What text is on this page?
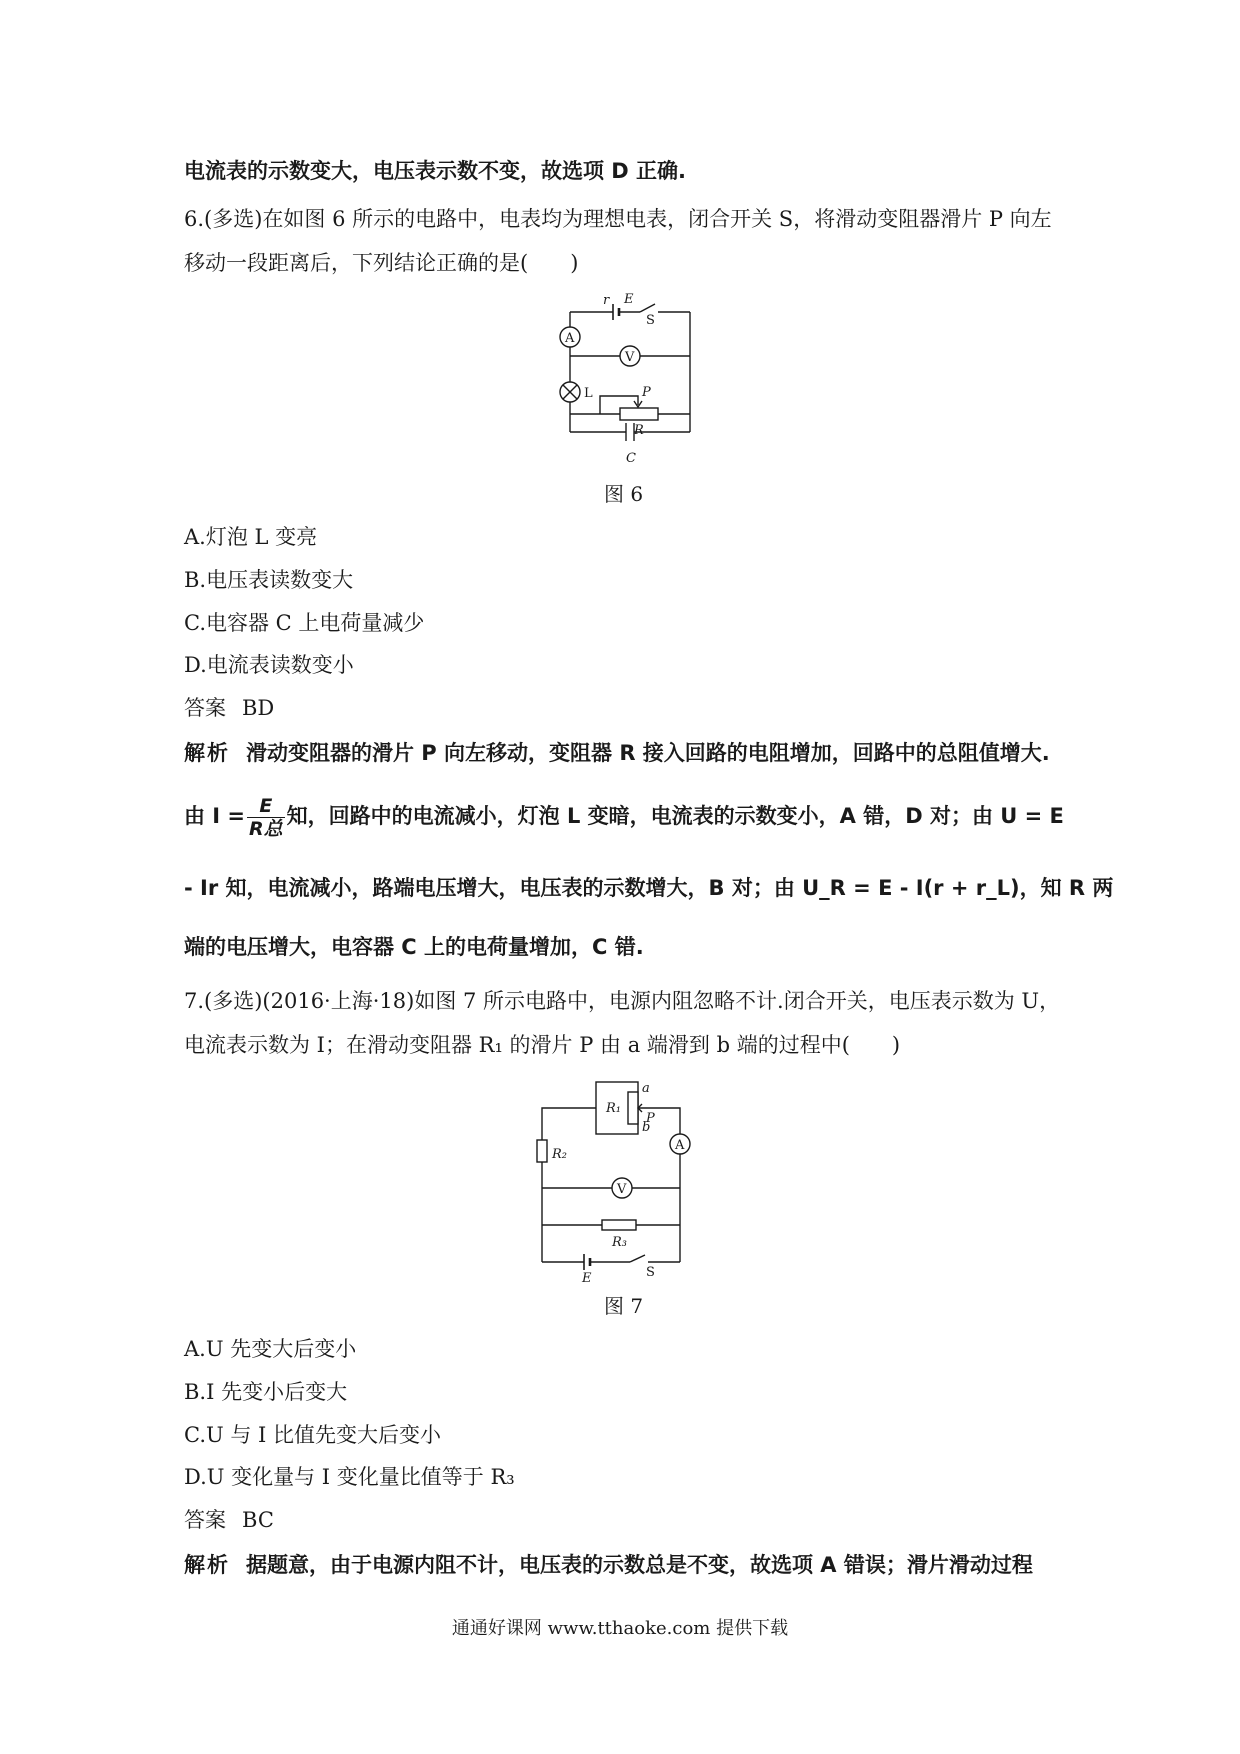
电流表的示数变大，电压表示数不变，故选项 D 正确.
6.(多选)在如图 6 所示的电路中，电表均为理想电表，闭合开关 S，将滑动变阻器滑片 P 向左
移动一段距离后，下列结论正确的是(　　)
r E
S
A
V
L	P
R
C
图 6
A.灯泡 L 变亮
B.电压表读数变大
C.电容器 C 上电荷量减少
D.电流表读数变小
答案 BD
解析 滑动变阻器的滑片 P 向左移动，变阻器 R 接入回路的电阻增加，回路中的总阻值增大.
由 $I = \frac{E}{\text{R总}}$ 知，回路中的电流减小，灯泡 L 变暗，电流表的示数变小，A 错，D 对；由 U = E
- Ir 知，电流减小，路端电压增大，电压表的示数增大，B 对；由 U_R = E - I(r + r_L)，知 R 两
端的电压增大，电容器 C 上的电荷量增加，C 错.
7.(多选)(2016·上海·18)如图 7 所示电路中，电源内阻忽略不计.闭合开关，电压表示数为 U，
电流表示数为 I；在滑动变阻器 R₁ 的滑片 P 由 a 端滑到 b 端的过程中(　　)
R₁
a
b
P
R₂
A
V
R₃
E	S
图 7
A.U 先变大后变小
B.I 先变小后变大
C.U 与 I 比值先变大后变小
D.U 变化量与 I 变化量比值等于 R₃
答案 BC
解析 据题意，由于电源内阻不计，电压表的示数总是不变，故选项 A 错误；滑片滑动过程
通通好课网 www.tthaoke.com 提供下载
